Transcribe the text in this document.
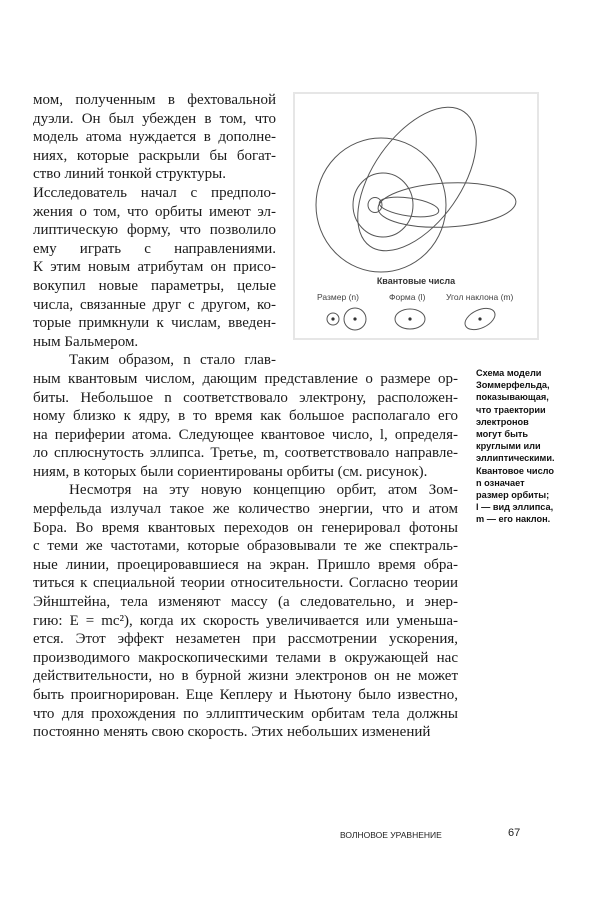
мом, полученным в фехтовальной
дуэли. Он был убежден в том, что
модель атома нуждается в дополне-
ниях, которые раскрыли бы богат-
ство линий тонкой структуры.
Исследователь начал с предполо-
жения о том, что орбиты имеют эл-
липтическую форму, что позволило
ему играть с направлениями.
К этим новым атрибутам он присо-
вокупил новые параметры, целые
числа, связанные друг с другом, ко-
торые примкнули к числам, введен-
ным Бальмером.
Таким образом, n стало глав-
ным квантовым числом, дающим представление о размере ор-
биты. Небольшое n соответствовало электрону, расположен-
ному близко к ядру, в то время как большое располагало его
на периферии атома. Следующее квантовое число, l, определя-
ло сплюснутость эллипса. Третье, m, соответствовало направле-
ниям, в которых были сориентированы орбиты (см. рисунок).
Несмотря на эту новую концепцию орбит, атом Зом-
мерфельда излучал такое же количество энергии, что и атом
Бора. Во время квантовых переходов он генерировал фотоны
с теми же частотами, которые образовывали те же спектраль-
ные линии, проецировавшиеся на экран. Пришло время обра-
титься к специальной теории относительности. Согласно теории
Эйнштейна, тела изменяют массу (а следовательно, и энер-
гию: E = mc²), когда их скорость увеличивается или уменьша-
ется. Этот эффект незаметен при рассмотрении ускорения,
производимого макроскопическими телами в окружающей нас
действительности, но в бурной жизни электронов он не может
быть проигнорирован. Еще Кеплеру и Ньютону было известно,
что для прохождения по эллиптическим орбитам тела должны
постоянно менять свою скорость. Этих небольших изменений
Квантовые числа
Размер (n)	Форма (l) Угол наклона (m)
Схема модели
Зоммерфельда,
показывающая,
что траектории
электронов
могут быть
круглыми или
эллиптическими.
Квантовое число
n означает
размер орбиты;
l — вид эллипса,
m — его наклон.
ВОЛНОВОЕ УРАВНЕНИЕ	67
